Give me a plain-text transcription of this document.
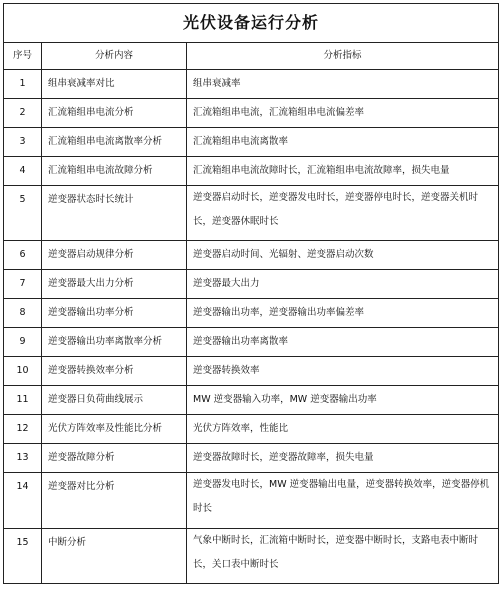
光伏设备运行分析		
序号	分析内容	分析指标
1	组串衰减率对比	组串衰减率
2	汇流箱组串电流分析	汇流箱组串电流，汇流箱组串电流偏差率
3	汇流箱组串电流离散率分析	汇流箱组串电流离散率
4	汇流箱组串电流故障分析	汇流箱组串电流故障时长，汇流箱组串电流故障率，损失电量
5	逆变器状态时长统计	逆变器启动时长，逆变器发电时长，逆变器停电时长，逆变器关机时长，逆变器休眠时长
6	逆变器启动规律分析	逆变器启动时间、光辐射、逆变器启动次数
7	逆变器最大出力分析	逆变器最大出力
8	逆变器输出功率分析	逆变器输出功率，逆变器输出功率偏差率
9	逆变器输出功率离散率分析	逆变器输出功率离散率
10	逆变器转换效率分析	逆变器转换效率
11	逆变器日负荷曲线展示	MW 逆变器输入功率，MW 逆变器输出功率
12	光伏方阵效率及性能比分析	光伏方阵效率，性能比
13	逆变器故障分析	逆变器故障时长，逆变器故障率，损失电量
14	逆变器对比分析	逆变器发电时长，MW 逆变器输出电量，逆变器转换效率，逆变器停机时长
15	中断分析	气象中断时长，汇流箱中断时长，逆变器中断时长，支路电表中断时长，关口表中断时长
